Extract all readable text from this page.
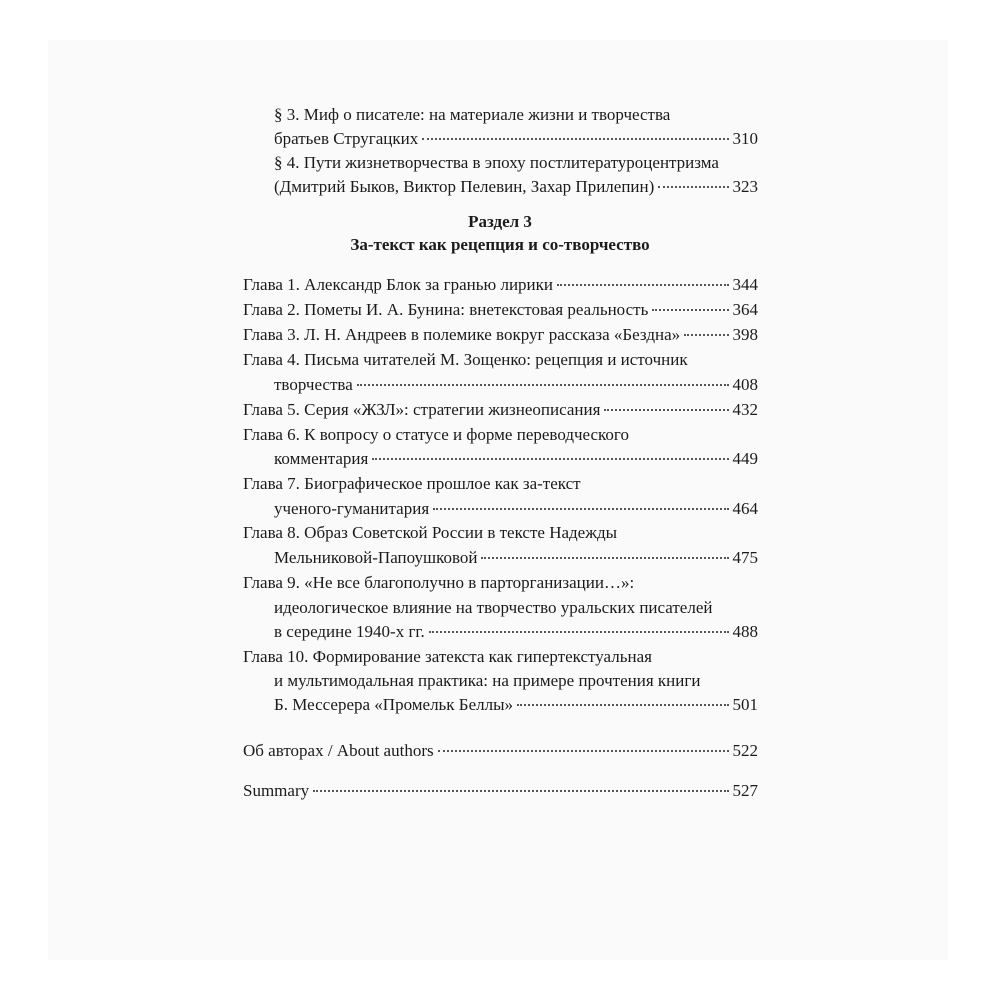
§ 3. Миф о писателе: на материале жизни и творчества
братьев Стругацких	310
§ 4. Пути жизнетворчества в эпоху постлитературоцентризма
(Дмитрий Быков, Виктор Пелевин, Захар Прилепин)	323
Раздел 3
За-текст как рецепция и со-творчество
Глава 1. Александр Блок за гранью лирики	344
Глава 2. Пометы И. А. Бунина: внетекстовая реальность	364
Глава 3. Л. Н. Андреев в полемике вокруг рассказа «Бездна»	398
Глава 4. Письма читателей М. Зощенко: рецепция и источник
творчества	408
Глава 5. Серия «ЖЗЛ»: стратегии жизнеописания	432
Глава 6. К вопросу о статусе и форме переводческого
комментария	449
Глава 7. Биографическое прошлое как за-текст
ученого-гуманитария	464
Глава 8. Образ Советской России в тексте Надежды
Мельниковой-Папоушковой	475
Глава 9. «Не все благополучно в парторганизации…»:
идеологическое влияние на творчество уральских писателей
в середине 1940-х гг.	488
Глава 10. Формирование затекста как гипертекстуальная
и мультимодальная практика: на примере прочтения книги
Б. Мессерера «Промельк Беллы»	501
Об авторах / About authors	522
Summary	527
